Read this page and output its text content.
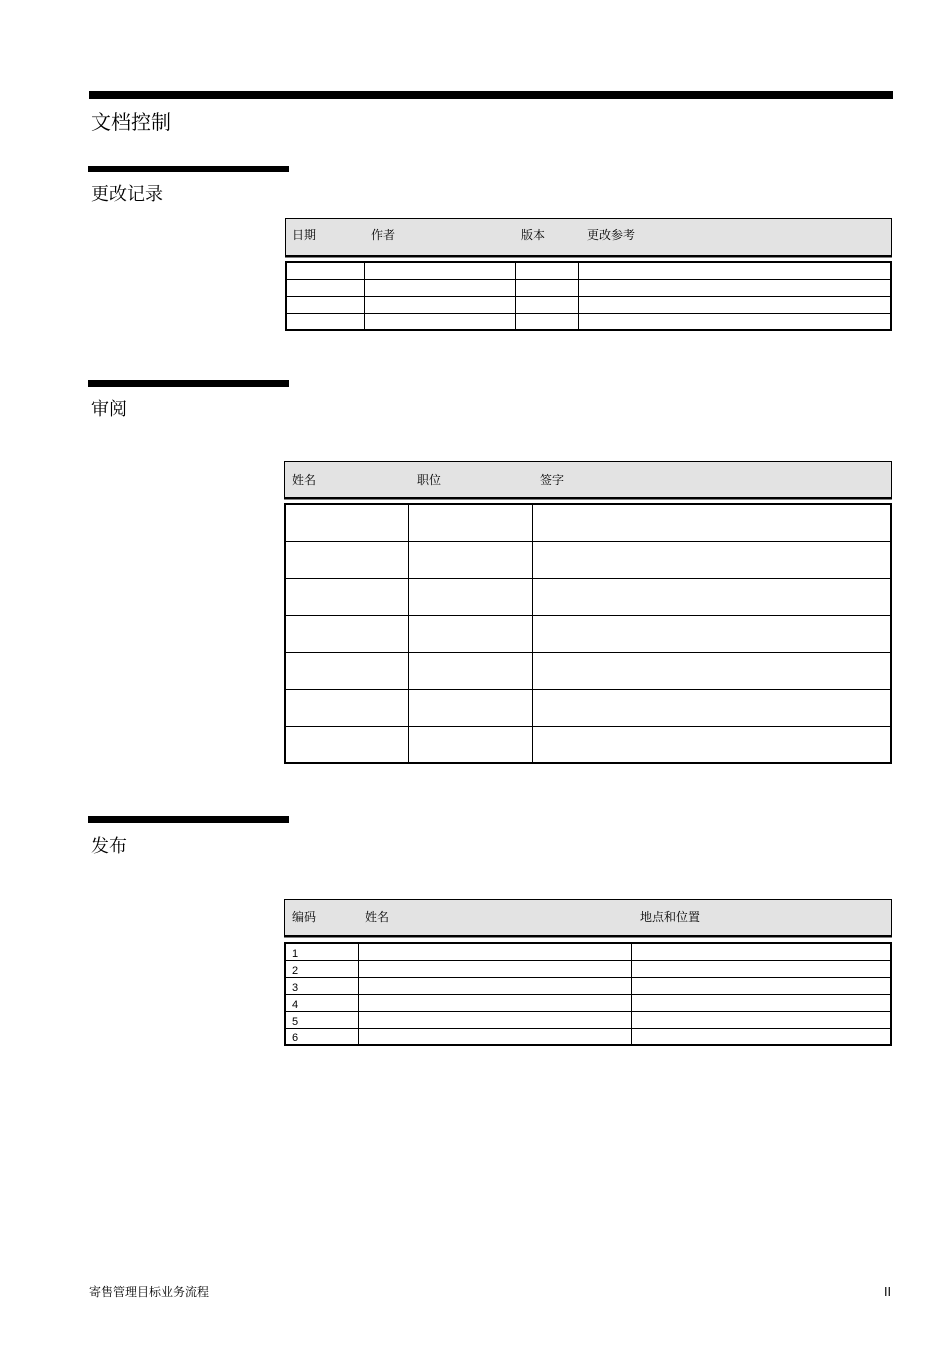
文档控制
更改记录
日期	作者	版本	更改参考

审阅
姓名	职位	签字

发布
编码	姓名	地点和位置
1		
2		
3		
4		
5		
6		
寄售管理目标业务流程	II
